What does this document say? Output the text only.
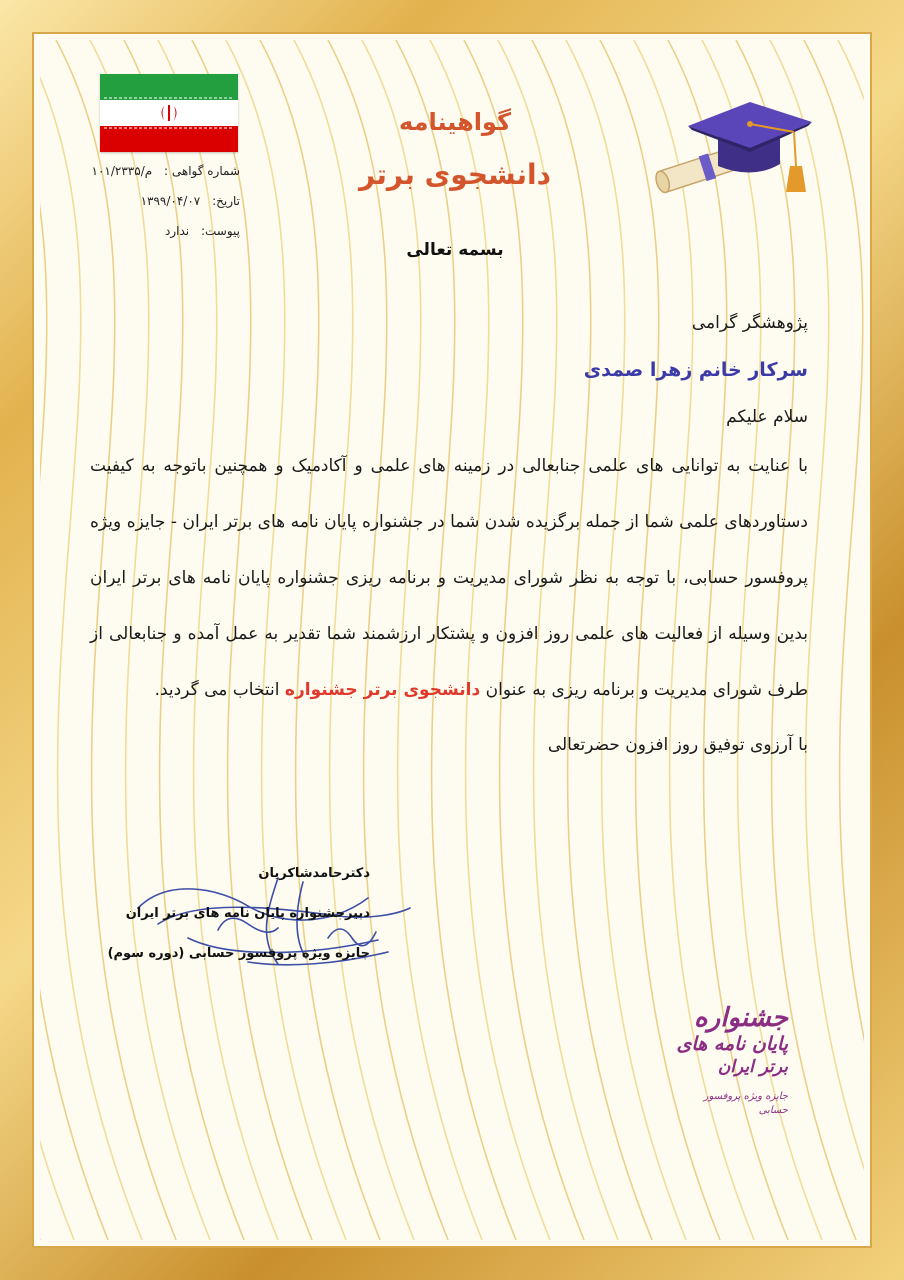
شماره گواهی : م/۱۰۱/۲۳۳۵
تاریخ: ۱۳۹۹/۰۴/۰۷
پیوست: ندارد
گواهینامه
دانشجوی برتر
بسمه تعالی
پژوهشگر گرامی
سرکار خانم زهرا صمدی
سلام علیکم

با عنایت به توانایی های علمی جنابعالی در زمینه های علمی و آکادمیک و همچنین باتوجه به کیفیت دستاوردهای علمی شما از جمله برگزیده شدن شما در جشنواره پایان نامه های برتر ایران - جایزه ویژه پروفسور حسابی، با توجه به نظر شورای مدیریت و برنامه ریزی جشنواره پایان نامه های برتر ایران بدین وسیله از فعالیت های علمی روز افزون و پشتکار ارزشمند شما تقدیر به عمل آمده و جنابعالی از طرف شورای مدیریت و برنامه ریزی به عنوان دانشجوی برتر جشنواره انتخاب می گردید.

با آرزوی توفیق روز افزون حضرتعالی
دکترحامدشاکریان
دبیرجشنواره پایان نامه های برتر ایران
جایزه ویژه پروفسور حسابی (دوره سوم)
جشنواره
پایان نامه های
برتر ایران
جایزه ویژه پروفسور حسابی
